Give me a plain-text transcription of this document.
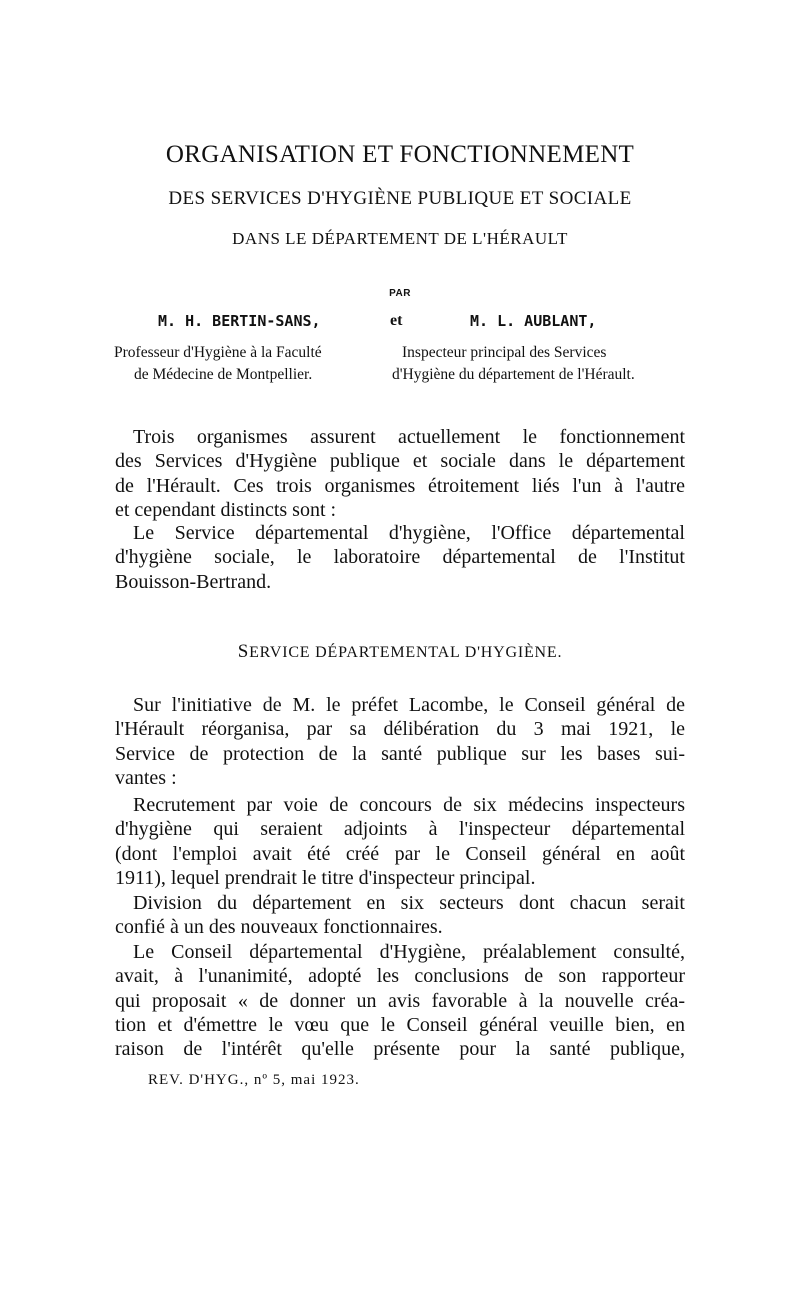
ORGANISATION ET FONCTIONNEMENT
DES SERVICES D'HYGIÈNE PUBLIQUE ET SOCIALE
DANS LE DÉPARTEMENT DE L'HÉRAULT
PAR
M. H. BERTIN-SANS,	et	M. L. AUBLANT,
Professeur d'Hygiène à la Faculté
de Médecine de Montpellier.
Inspecteur principal des Services
d'Hygiène du département de l'Hérault.
Trois organismes assurent actuellement le fonctionnement
des Services d'Hygiène publique et sociale dans le département
de l'Hérault. Ces trois organismes étroitement liés l'un à l'autre
et cependant distincts sont :
Le Service départemental d'hygiène, l'Office départemental
d'hygiène sociale, le laboratoire départemental de l'Institut
Bouisson-Bertrand.
SERVICE DÉPARTEMENTAL D'HYGIÈNE.
Sur l'initiative de M. le préfet Lacombe, le Conseil général de
l'Hérault réorganisa, par sa délibération du 3 mai 1921, le
Service de protection de la santé publique sur les bases sui-
vantes :
Recrutement par voie de concours de six médecins inspecteurs
d'hygiène qui seraient adjoints à l'inspecteur départemental
(dont l'emploi avait été créé par le Conseil général en août
1911), lequel prendrait le titre d'inspecteur principal.
Division du département en six secteurs dont chacun serait
confié à un des nouveaux fonctionnaires.
Le Conseil départemental d'Hygiène, préalablement consulté,
avait, à l'unanimité, adopté les conclusions de son rapporteur
qui proposait « de donner un avis favorable à la nouvelle créa-
tion et d'émettre le vœu que le Conseil général veuille bien, en
raison de l'intérêt qu'elle présente pour la santé publique,
REV. D'HYG., nº 5, mai 1923.
